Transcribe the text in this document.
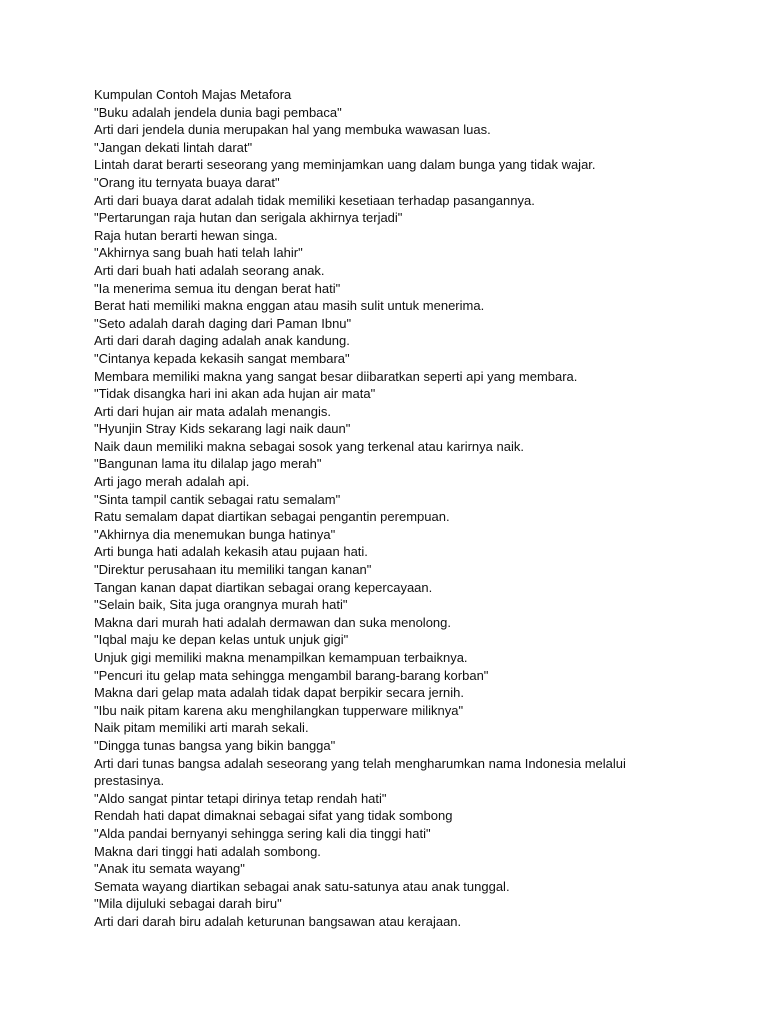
Kumpulan Contoh Majas Metafora
"Buku adalah jendela dunia bagi pembaca"
Arti dari jendela dunia merupakan hal yang membuka wawasan luas.
"Jangan dekati lintah darat"
Lintah darat berarti seseorang yang meminjamkan uang dalam bunga yang tidak wajar.
"Orang itu ternyata buaya darat"
Arti dari buaya darat adalah tidak memiliki kesetiaan terhadap pasangannya.
"Pertarungan raja hutan dan serigala akhirnya terjadi"
Raja hutan berarti hewan singa.
"Akhirnya sang buah hati telah lahir"
Arti dari buah hati adalah seorang anak.
"Ia menerima semua itu dengan berat hati"
Berat hati memiliki makna enggan atau masih sulit untuk menerima.
"Seto adalah darah daging dari Paman Ibnu"
Arti dari darah daging adalah anak kandung.
"Cintanya kepada kekasih sangat membara"
Membara memiliki makna yang sangat besar diibaratkan seperti api yang membara.
"Tidak disangka hari ini akan ada hujan air mata"
Arti dari hujan air mata adalah menangis.
"Hyunjin Stray Kids sekarang lagi naik daun"
Naik daun memiliki makna sebagai sosok yang terkenal atau karirnya naik.
"Bangunan lama itu dilalap jago merah"
Arti jago merah adalah api.
"Sinta tampil cantik sebagai ratu semalam"
Ratu semalam dapat diartikan sebagai pengantin perempuan.
"Akhirnya dia menemukan bunga hatinya"
Arti bunga hati adalah kekasih atau pujaan hati.
"Direktur perusahaan itu memiliki tangan kanan"
Tangan kanan dapat diartikan sebagai orang kepercayaan.
"Selain baik, Sita juga orangnya murah hati"
Makna dari murah hati adalah dermawan dan suka menolong.
"Iqbal maju ke depan kelas untuk unjuk gigi"
Unjuk gigi memiliki makna menampilkan kemampuan terbaiknya.
"Pencuri itu gelap mata sehingga mengambil barang-barang korban"
Makna dari gelap mata adalah tidak dapat berpikir secara jernih.
"Ibu naik pitam karena aku menghilangkan tupperware miliknya"
Naik pitam memiliki arti marah sekali.
"Dingga tunas bangsa yang bikin bangga"
Arti dari tunas bangsa adalah seseorang yang telah mengharumkan nama Indonesia melalui prestasinya.
"Aldo sangat pintar tetapi dirinya tetap rendah hati"
Rendah hati dapat dimaknai sebagai sifat yang tidak sombong
"Alda pandai bernyanyi sehingga sering kali dia tinggi hati"
Makna dari tinggi hati adalah sombong.
"Anak itu semata wayang"
Semata wayang diartikan sebagai anak satu-satunya atau anak tunggal.
"Mila dijuluki sebagai darah biru"
Arti dari darah biru adalah keturunan bangsawan atau kerajaan.
